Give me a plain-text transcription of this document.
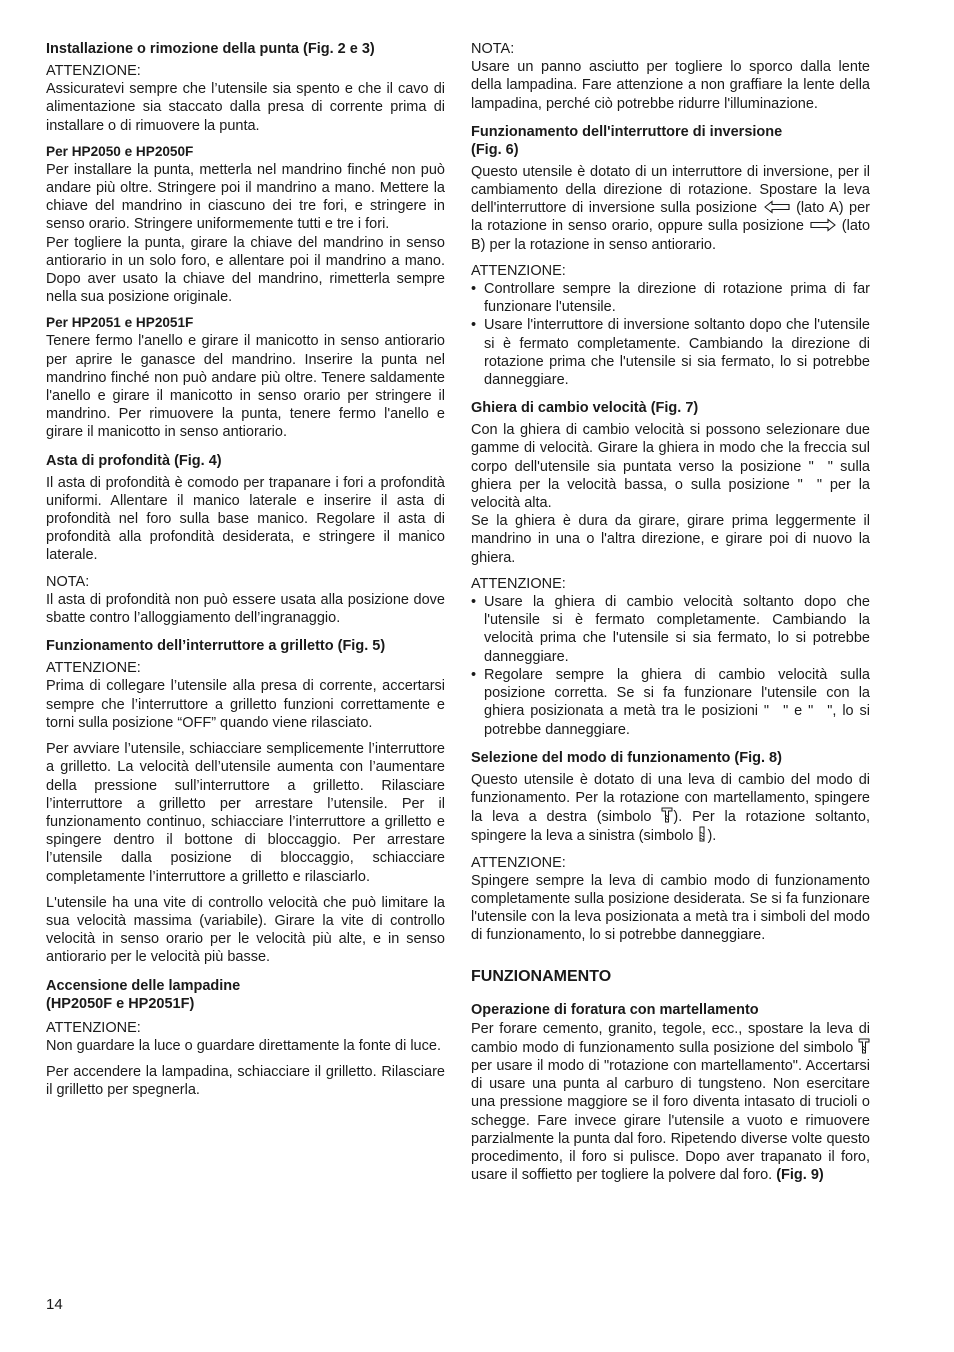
Installazione o rimozione della punta (Fig. 2 e 3)
ATTENZIONE:

Assicuratevi sempre che l’utensile sia spento e che il cavo di alimentazione sia staccato dalla presa di corrente prima di installare o di rimuovere la punta.

Per HP2050 e HP2050F

Per installare la punta, metterla nel mandrino finché non può andare più oltre. Stringere poi il mandrino a mano. Mettere la chiave del mandrino in ciascuno dei tre fori, e stringere in senso orario. Stringere uniformemente tutti e tre i fori.

Per togliere la punta, girare la chiave del mandrino in senso antiorario in un solo foro, e allentare poi il mandrino a mano. Dopo aver usato la chiave del mandrino, rimetterla sempre nella sua posizione originale.

Per HP2051 e HP2051F

Tenere fermo l'anello e girare il manicotto in senso antiorario per aprire le ganasce del mandrino. Inserire la punta nel mandrino finché non può andare più oltre. Tenere saldamente l'anello e girare il manicotto in senso orario per stringere il mandrino. Per rimuovere la punta, tenere fermo l'anello e girare il manicotto in senso antiorario.

Asta di profondità (Fig. 4)

Il asta di profondità è comodo per trapanare i fori a profondità uniformi. Allentare il manico laterale e inserire il asta di profondità nel foro sulla base manico. Regolare il asta di profondità alla profondità desiderata, e stringere il manico laterale.

NOTA:

Il asta di profondità non può essere usata alla posizione dove sbatte contro l’alloggiamento dell’ingranaggio.

Funzionamento dell’interruttore a grilletto (Fig. 5)
ATTENZIONE:

Prima di collegare l’utensile alla presa di corrente, accertarsi sempre che l’interruttore a grilletto funzioni correttamente e torni sulla posizione “OFF” quando viene rilasciato.

Per avviare l’utensile, schiacciare semplicemente l’interruttore a grilletto. La velocità dell’utensile aumenta con l’aumentare della pressione sull’interruttore a grilletto. Rilasciare l’interruttore a grilletto per arrestare l’utensile. Per il funzionamento continuo, schiacciare l’interruttore a grilletto e spingere dentro il bottone di bloccaggio. Per arrestare l’utensile dalla posizione di bloccaggio, schiacciare completamente l’interruttore a grilletto e rilasciarlo.

L'utensile ha una vite di controllo velocità che può limitare la sua velocità massima (variabile). Girare la vite di controllo velocità in senso orario per le velocità più alte, e in senso antiorario per le velocità più basse.

Accensione delle lampadine
(HP2050F e HP2051F)
ATTENZIONE:

Non guardare la luce o guardare direttamente la fonte di luce.

Per accendere la lampadina, schiacciare il grilletto. Rilasciare il grilletto per spegnerla.

NOTA:

Usare un panno asciutto per togliere lo sporco dalla lente della lampadina. Fare attenzione a non graffiare la lente della lampadina, perché ciò potrebbe ridurre l'illuminazione.

Funzionamento dell'interruttore di inversione
(Fig. 6)

Questo utensile è dotato di un interruttore di inversione, per il cambiamento della direzione di rotazione. Spostare la leva dell'interruttore di inversione sulla posizione	(lato A) per la rotazione in senso orario, oppure sulla posizione	(lato B) per la rotazione in senso antiorario.

ATTENZIONE:
• Controllare sempre la direzione di rotazione prima di far funzionare l'utensile.
• Usare l'interruttore di inversione soltanto dopo che l'utensile si è fermato completamente. Cambiando la direzione di rotazione prima che l'utensile si sia fermato, lo si potrebbe danneggiare.
Ghiera di cambio velocità (Fig. 7)

Con la ghiera di cambio velocità si possono selezionare due gamme di velocità. Girare la ghiera in modo che la freccia sul corpo dell'utensile sia puntata verso la posizione " " sulla ghiera per la velocità bassa, o sulla posizione " " per la velocità alta.

Se la ghiera è dura da girare, girare prima leggermente il mandrino in una o l'altra direzione, e girare poi di nuovo la ghiera.

ATTENZIONE:
• Usare la ghiera di cambio velocità soltanto dopo che l'utensile si è fermato completamente. Cambiando la velocità prima che l'utensile si sia fermato, lo si potrebbe danneggiare.
• Regolare sempre la ghiera di cambio velocità sulla posizione corretta. Se si fa funzionare l'utensile con la ghiera posizionata a metà tra le posizioni " " e " ", lo si potrebbe danneggiare.
Selezione del modo di funzionamento (Fig. 8)

Questo utensile è dotato di una leva di cambio del modo di funzionamento. Per la rotazione con martellamento, spingere la leva a destra (simbolo ). Per la rotazione soltanto, spingere la leva a sinistra (simbolo ).

ATTENZIONE:

Spingere sempre la leva di cambio modo di funzionamento completamente sulla posizione desiderata. Se si fa funzionare l'utensile con la leva posizionata a metà tra i simboli del modo di funzionamento, lo si potrebbe danneggiare.

FUNZIONAMENTO
Operazione di foratura con martellamento

Per forare cemento, granito, tegole, ecc., spostare la leva di cambio modo di funzionamento sulla posizione del simbolo  per usare il modo di "rotazione con martellamento". Accertarsi di usare una punta al carburo di tungsteno. Non esercitare una pressione maggiore se il foro diventa intasato di trucioli o schegge. Fare invece girare l'utensile a vuoto e rimuovere parzialmente la punta dal foro. Ripetendo diverse volte questo procedimento, il foro si pulisce. Dopo aver trapanato il foro, usare il soffietto per togliere la polvere dal foro. (Fig. 9)

14
